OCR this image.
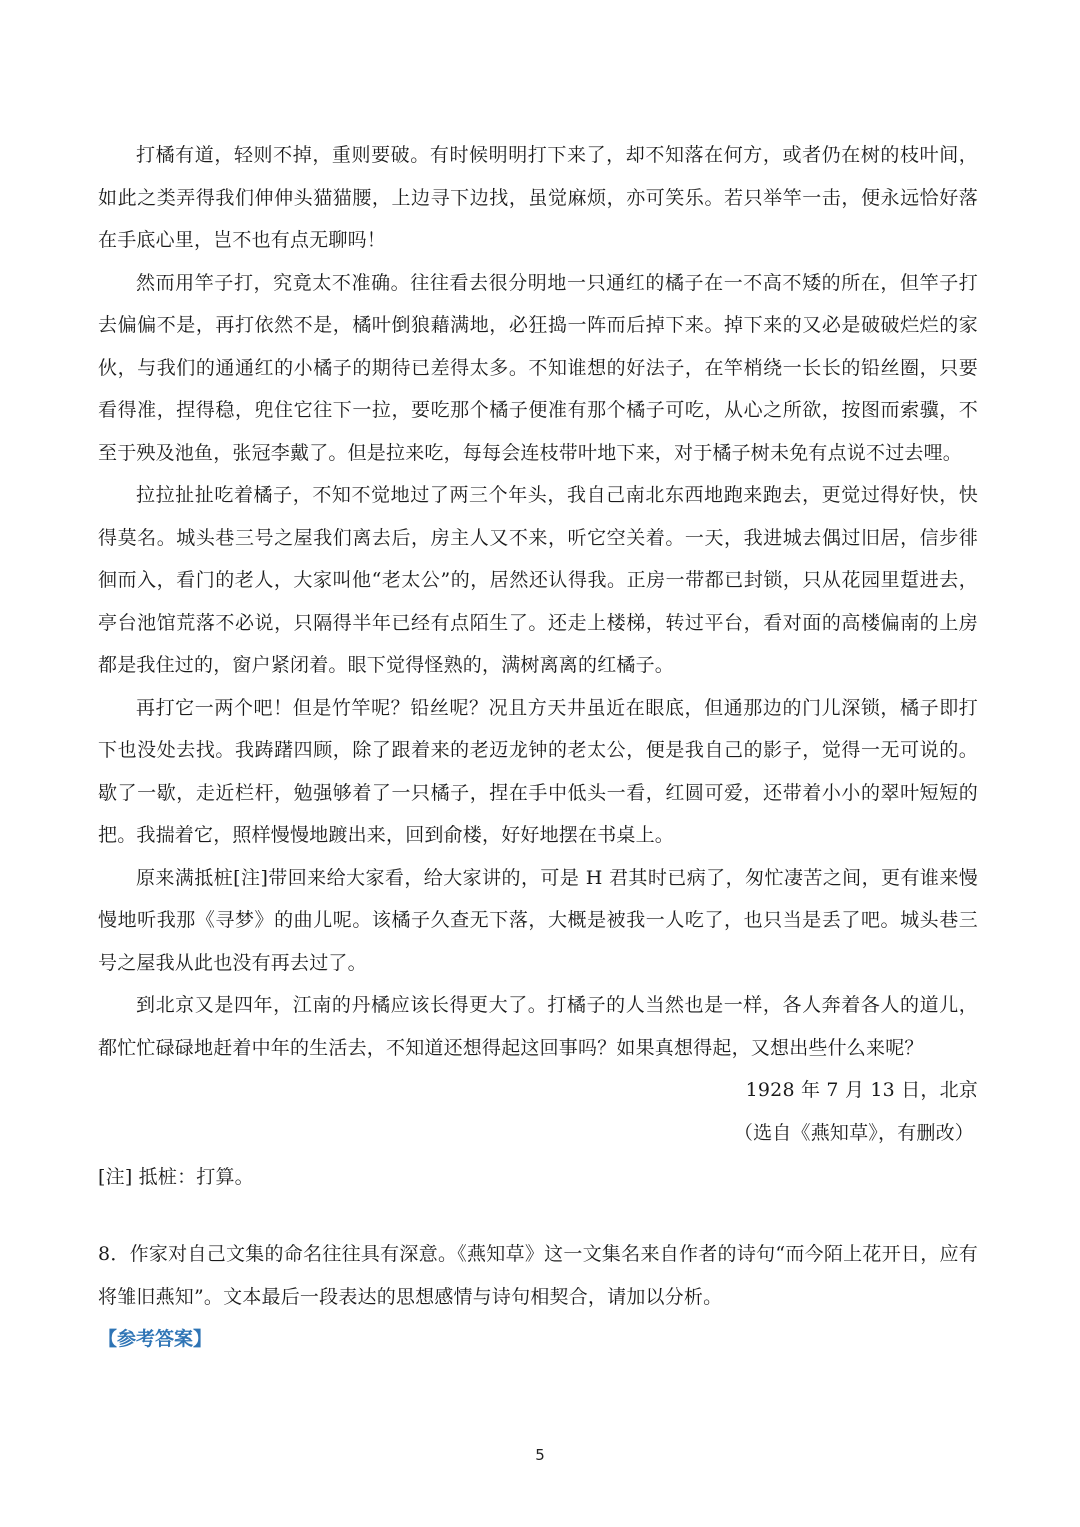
打橘有道，轻则不掉，重则要破。有时候明明打下来了，却不知落在何方，或者仍在树的枝叶间，如此之类弄得我们伸伸头猫猫腰，上边寻下边找，虽觉麻烦，亦可笑乐。若只举竿一击，便永远恰好落在手底心里，岂不也有点无聊吗！

然而用竿子打，究竟太不准确。往往看去很分明地一只通红的橘子在一不高不矮的所在，但竿子打去偏偏不是，再打依然不是，橘叶倒狼藉满地，必狂捣一阵而后掉下来。掉下来的又必是破破烂烂的家伙，与我们的通通红的小橘子的期待已差得太多。不知谁想的好法子，在竿梢绕一长长的铅丝圈，只要看得准，捏得稳，兜住它往下一拉，要吃那个橘子便准有那个橘子可吃，从心之所欲，按图而索骥，不至于殃及池鱼，张冠李戴了。但是拉来吃，每每会连枝带叶地下来，对于橘子树未免有点说不过去哩。

拉拉扯扯吃着橘子，不知不觉地过了两三个年头，我自己南北东西地跑来跑去，更觉过得好快，快得莫名。城头巷三号之屋我们离去后，房主人又不来，听它空关着。一天，我进城去偶过旧居，信步徘徊而入，看门的老人，大家叫他“老太公”的，居然还认得我。正房一带都已封锁，只从花园里踅进去，亭台池馆荒落不必说，只隔得半年已经有点陌生了。还走上楼梯，转过平台，看对面的高楼偏南的上房都是我住过的，窗户紧闭着。眼下觉得怪熟的，满树离离的红橘子。

再打它一两个吧！但是竹竿呢？铅丝呢？况且方天井虽近在眼底，但通那边的门儿深锁，橘子即打下也没处去找。我踌躇四顾，除了跟着来的老迈龙钟的老太公，便是我自己的影子，觉得一无可说的。歇了一歇，走近栏杆，勉强够着了一只橘子，捏在手中低头一看，红圆可爱，还带着小小的翠叶短短的把。我揣着它，照样慢慢地踱出来，回到俞楼，好好地摆在书桌上。

原来满抵桩[注]带回来给大家看，给大家讲的，可是 H 君其时已病了，匆忙凄苦之间，更有谁来慢慢地听我那《寻梦》的曲儿呢。该橘子久查无下落，大概是被我一人吃了，也只当是丢了吧。城头巷三号之屋我从此也没有再去过了。

到北京又是四年，江南的丹橘应该长得更大了。打橘子的人当然也是一样，各人奔着各人的道儿，都忙忙碌碌地赶着中年的生活去，不知道还想得起这回事吗？如果真想得起，又想出些什么来呢？

1928 年 7 月 13 日，北京

（选自《燕知草》，有删改）

[注] 抵桩：打算。

8．作家对自己文集的命名往往具有深意。《燕知草》这一文集名来自作者的诗句“而今陌上花开日，应有将雏旧燕知”。文本最后一段表达的思想感情与诗句相契合，请加以分析。

【参考答案】
5
